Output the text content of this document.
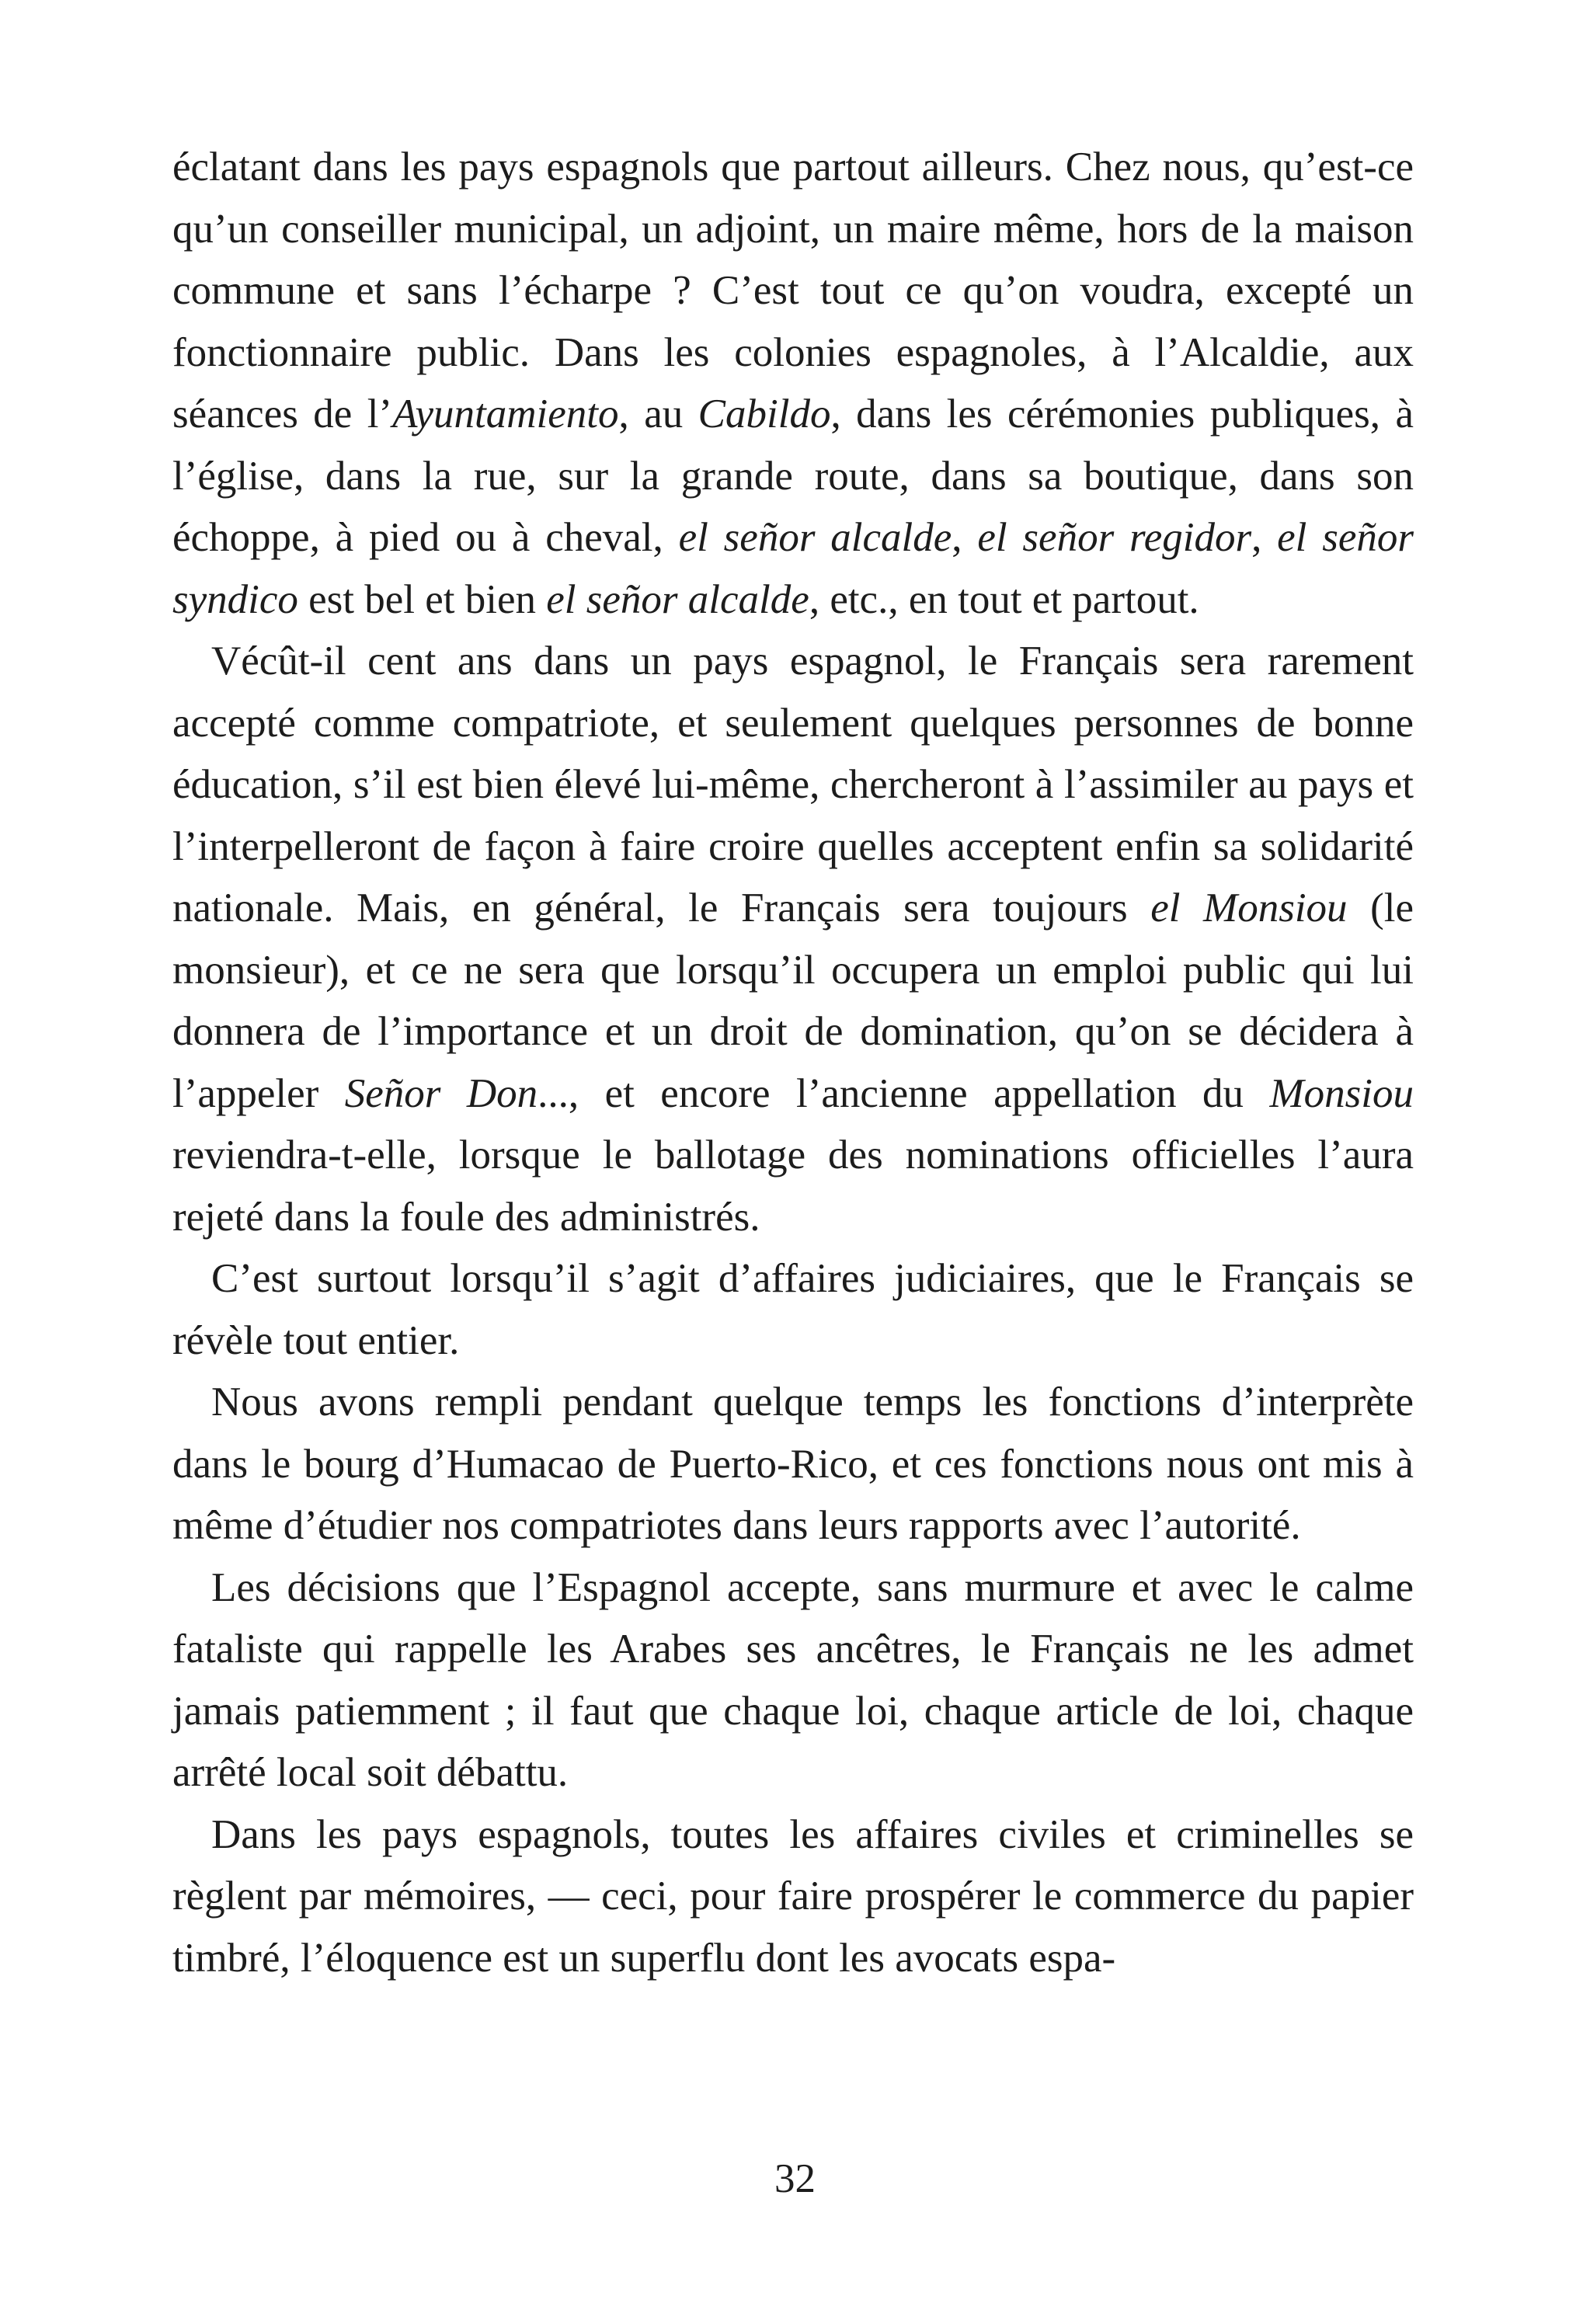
éclatant dans les pays espagnols que partout ailleurs. Chez nous, qu’est-ce qu’un conseiller municipal, un adjoint, un maire même, hors de la maison commune et sans l’écharpe ? C’est tout ce qu’on voudra, excepté un fonctionnaire public. Dans les colonies espagnoles, à l’Alcaldie, aux séances de l’Ayuntamiento, au Cabildo, dans les cérémonies publiques, à l’église, dans la rue, sur la grande route, dans sa boutique, dans son échoppe, à pied ou à cheval, el señor alcalde, el señor regidor, el señor syndico est bel et bien el señor alcalde, etc., en tout et partout.

Vécût-il cent ans dans un pays espagnol, le Français sera rarement accepté comme compatriote, et seulement quelques personnes de bonne éducation, s’il est bien élevé lui-même, chercheront à l’assimiler au pays et l’interpelleront de façon à faire croire quelles acceptent enfin sa solidarité nationale. Mais, en général, le Français sera toujours el Monsiou (le monsieur), et ce ne sera que lorsqu’il occupera un emploi public qui lui donnera de l’importance et un droit de domination, qu’on se décidera à l’appeler Señor Don..., et encore l’ancienne appellation du Monsiou reviendra-t-elle, lorsque le ballotage des nominations officielles l’aura rejeté dans la foule des administrés.

C’est surtout lorsqu’il s’agit d’affaires judiciaires, que le Français se révèle tout entier.

Nous avons rempli pendant quelque temps les fonctions d’interprète dans le bourg d’Humacao de Puerto-Rico, et ces fonctions nous ont mis à même d’étudier nos compatriotes dans leurs rapports avec l’autorité.

Les décisions que l’Espagnol accepte, sans murmure et avec le calme fataliste qui rappelle les Arabes ses ancêtres, le Français ne les admet jamais patiemment ; il faut que chaque loi, chaque article de loi, chaque arrêté local soit débattu.

Dans les pays espagnols, toutes les affaires civiles et criminelles se règlent par mémoires, — ceci, pour faire prospérer le commerce du papier timbré, l’éloquence est un superflu dont les avocats espa-

32
